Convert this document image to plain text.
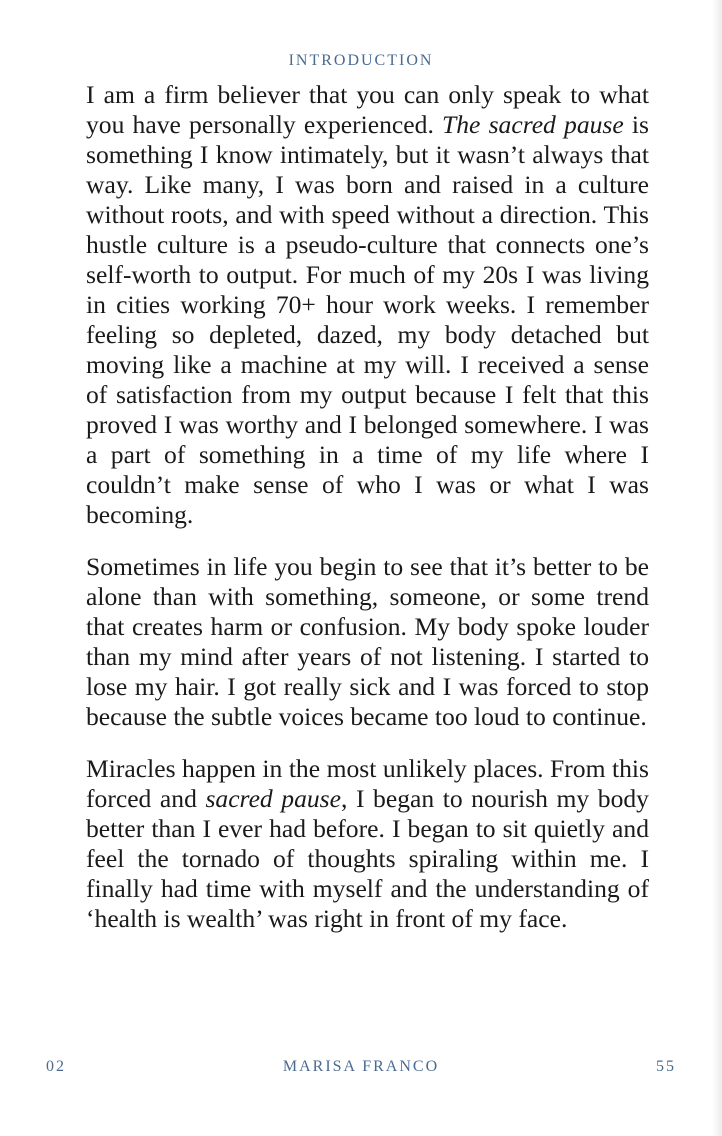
INTRODUCTION

I am a firm believer that you can only speak to what you have personally experienced. The sacred pause is something I know intimately, but it wasn’t always that way. Like many, I was born and raised in a culture without roots, and with speed without a direction. This hustle culture is a pseudo-culture that connects one’s self-worth to output. For much of my 20s I was living in cities working 70+ hour work weeks. I remember feeling so depleted, dazed, my body detached but moving like a machine at my will. I received a sense of satisfaction from my output because I felt that this proved I was worthy and I belonged somewhere. I was a part of something in a time of my life where I couldn’t make sense of who I was or what I was becoming.

Sometimes in life you begin to see that it’s better to be alone than with something, someone, or some trend that creates harm or confusion. My body spoke louder than my mind after years of not listening. I started to lose my hair. I got really sick and I was forced to stop because the subtle voices became too loud to continue.

Miracles happen in the most unlikely places. From this forced and sacred pause, I began to nourish my body better than I ever had before. I began to sit quietly and feel the tornado of thoughts spiraling within me. I finally had time with myself and the understanding of ‘health is wealth’ was right in front of my face.

02	MARISA FRANCO	55
